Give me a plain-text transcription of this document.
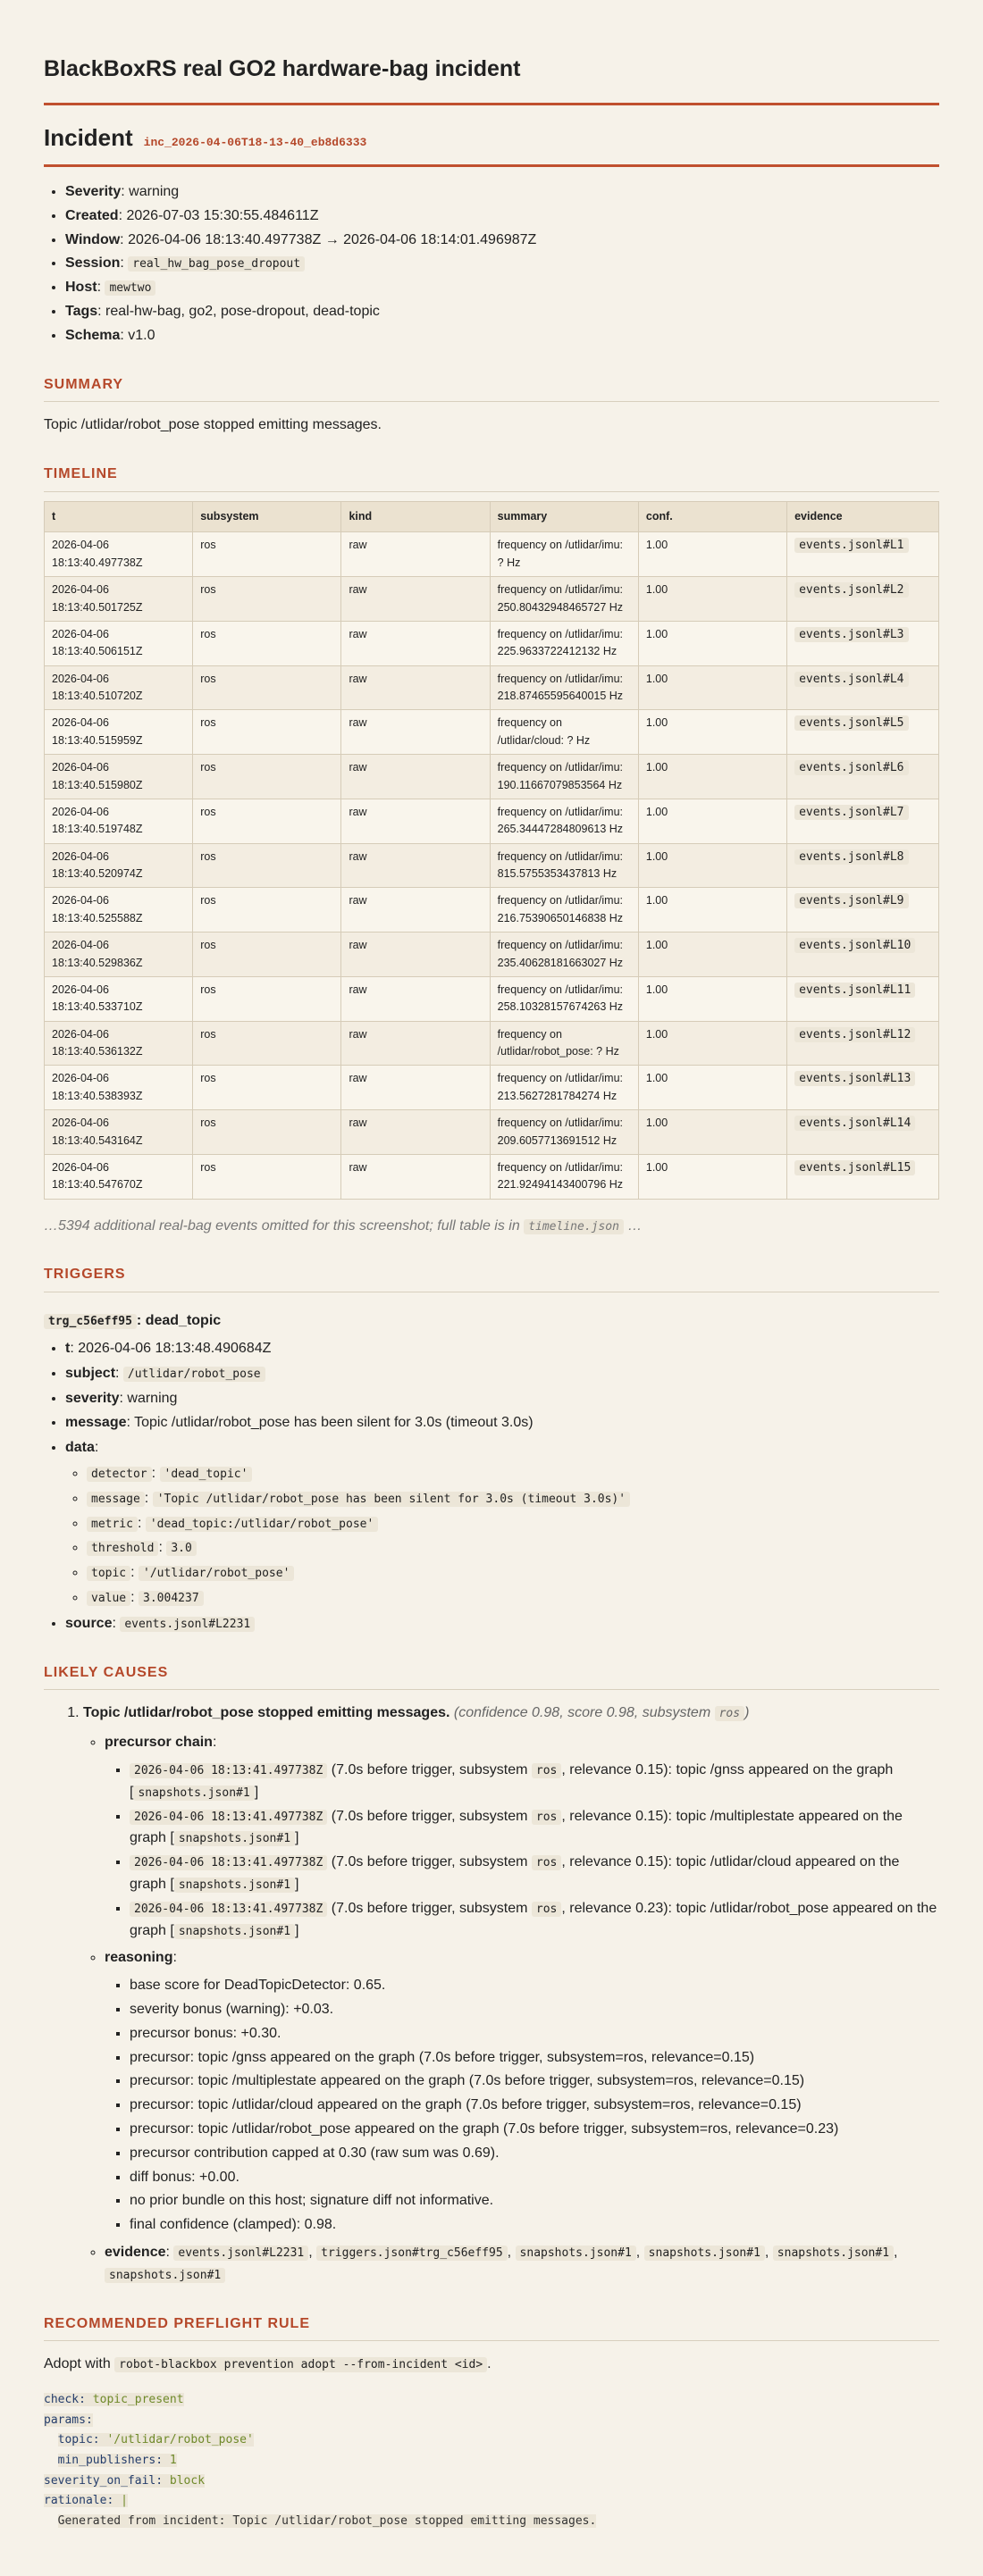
BlackBoxRS real GO2 hardware-bag incident
Incident inc_2026-04-06T18-13-40_eb8d6333
• Severity: warning
• Created: 2026-07-03 15:30:55.484611Z
• Window: 2026-04-06 18:13:40.497738Z → 2026-04-06 18:14:01.496987Z
• Session: real_hw_bag_pose_dropout
• Host: mewtwo
• Tags: real-hw-bag, go2, pose-dropout, dead-topic
• Schema: v1.0
SUMMARY

Topic /utlidar/robot_pose stopped emitting messages.

TIMELINE
t	subsystem	kind	summary	conf.	evidence
2026-04-06 18:13:40.497738Z	ros	raw	frequency on /utlidar/imu: ? Hz	1.00	events.jsonl#L1
2026-04-06 18:13:40.501725Z	ros	raw	frequency on /utlidar/imu: 250.80432948465727 Hz	1.00	events.jsonl#L2
2026-04-06 18:13:40.506151Z	ros	raw	frequency on /utlidar/imu: 225.9633722412132 Hz	1.00	events.jsonl#L3
2026-04-06 18:13:40.510720Z	ros	raw	frequency on /utlidar/imu: 218.87465595640015 Hz	1.00	events.jsonl#L4
2026-04-06 18:13:40.515959Z	ros	raw	frequency on /utlidar/cloud: ? Hz	1.00	events.jsonl#L5
2026-04-06 18:13:40.515980Z	ros	raw	frequency on /utlidar/imu: 190.11667079853564 Hz	1.00	events.jsonl#L6
2026-04-06 18:13:40.519748Z	ros	raw	frequency on /utlidar/imu: 265.34447284809613 Hz	1.00	events.jsonl#L7
2026-04-06 18:13:40.520974Z	ros	raw	frequency on /utlidar/imu: 815.5755353437813 Hz	1.00	events.jsonl#L8
2026-04-06 18:13:40.525588Z	ros	raw	frequency on /utlidar/imu: 216.75390650146838 Hz	1.00	events.jsonl#L9
2026-04-06 18:13:40.529836Z	ros	raw	frequency on /utlidar/imu: 235.40628181663027 Hz	1.00	events.jsonl#L10
2026-04-06 18:13:40.533710Z	ros	raw	frequency on /utlidar/imu: 258.10328157674263 Hz	1.00	events.jsonl#L11
2026-04-06 18:13:40.536132Z	ros	raw	frequency on /utlidar/robot_pose: ? Hz	1.00	events.jsonl#L12
2026-04-06 18:13:40.538393Z	ros	raw	frequency on /utlidar/imu: 213.5627281784274 Hz	1.00	events.jsonl#L13
2026-04-06 18:13:40.543164Z	ros	raw	frequency on /utlidar/imu: 209.6057713691512 Hz	1.00	events.jsonl#L14
2026-04-06 18:13:40.547670Z	ros	raw	frequency on /utlidar/imu: 221.92494143400796 Hz	1.00	events.jsonl#L15

…5394 additional real-bag events omitted for this screenshot; full table is in timeline.json …

TRIGGERS
trg_c56eff95 : dead_topic
• t: 2026-04-06 18:13:48.490684Z
• subject: /utlidar/robot_pose
• severity: warning
• message: Topic /utlidar/robot_pose has been silent for 3.0s (timeout 3.0s)
• data:
◦ detector : 'dead_topic'
◦ message : 'Topic /utlidar/robot_pose has been silent for 3.0s (timeout 3.0s)'
◦ metric : 'dead_topic:/utlidar/robot_pose'
◦ threshold : 3.0
◦ topic : '/utlidar/robot_pose'
◦ value : 3.004237
• source: events.jsonl#L2231
LIKELY CAUSES
1. Topic /utlidar/robot_pose stopped emitting messages. (confidence 0.98, score 0.98, subsystem ros )
◦ precursor chain:
▪ 2026-04-06 18:13:41.497738Z (7.0s before trigger, subsystem ros , relevance 0.15): topic /gnss appeared on the graph [ snapshots.json#1 ]
▪ 2026-04-06 18:13:41.497738Z (7.0s before trigger, subsystem ros , relevance 0.15): topic /multiplestate appeared on the graph [ snapshots.json#1 ]
▪ 2026-04-06 18:13:41.497738Z (7.0s before trigger, subsystem ros , relevance 0.15): topic /utlidar/cloud appeared on the graph [ snapshots.json#1 ]
▪ 2026-04-06 18:13:41.497738Z (7.0s before trigger, subsystem ros , relevance 0.23): topic /utlidar/robot_pose appeared on the graph [ snapshots.json#1 ]
◦ reasoning:
▪ base score for DeadTopicDetector: 0.65.
▪ severity bonus (warning): +0.03.
▪ precursor bonus: +0.30.
▪ precursor: topic /gnss appeared on the graph (7.0s before trigger, subsystem=ros, relevance=0.15)
▪ precursor: topic /multiplestate appeared on the graph (7.0s before trigger, subsystem=ros, relevance=0.15)
▪ precursor: topic /utlidar/cloud appeared on the graph (7.0s before trigger, subsystem=ros, relevance=0.15)
▪ precursor: topic /utlidar/robot_pose appeared on the graph (7.0s before trigger, subsystem=ros, relevance=0.23)
▪ precursor contribution capped at 0.30 (raw sum was 0.69).
▪ diff bonus: +0.00.
▪ no prior bundle on this host; signature diff not informative.
▪ final confidence (clamped): 0.98.
◦ evidence: events.jsonl#L2231 , triggers.json#trg_c56eff95 , snapshots.json#1 , snapshots.json#1 , snapshots.json#1 , snapshots.json#1
RECOMMENDED PREFLIGHT RULE

Adopt with robot-blackbox prevention adopt --from-incident <id> .

check: topic_present
params:
topic: '/utlidar/robot_pose'
min_publishers: 1
severity_on_fail: block
rationale: |
Generated from incident: Topic /utlidar/robot_pose stopped emitting messages.
